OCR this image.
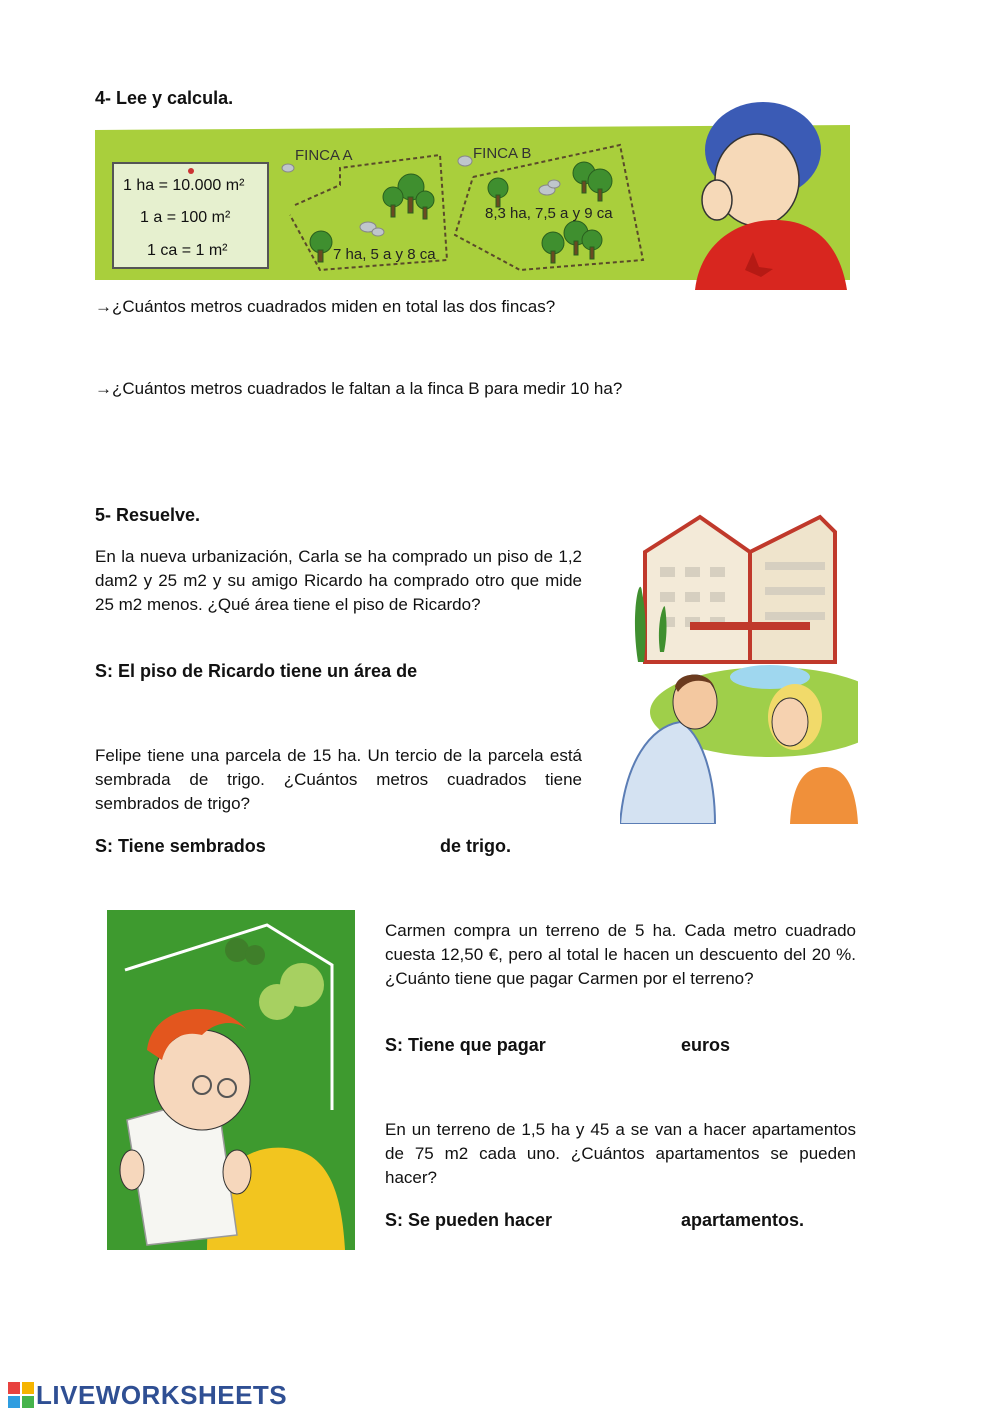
4- Lee y calcula.
1 ha = 10.000 m²
1 a = 100 m²
1 ca = 1 m²
FINCA A	FINCA B
7 ha, 5 a y 8 ca
8,3 ha, 7,5 a y 9 ca
→¿Cuántos metros cuadrados miden en total las dos fincas?
→¿Cuántos metros cuadrados le faltan a la finca B para medir 10 ha?
5- Resuelve.
En la nueva urbanización, Carla se ha comprado un piso de 1,2 dam2 y 25 m2 y su amigo Ricardo ha comprado otro que mide 25 m2 menos. ¿Qué área tiene el piso de Ricardo?
S: El piso de Ricardo tiene un área de
Felipe tiene una parcela de 15 ha. Un tercio de la parcela está sembrada de trigo. ¿Cuántos metros cuadrados tiene sembrados de trigo?
S: Tiene sembrados	de trigo.
Carmen compra un terreno de 5 ha. Cada metro cuadrado cuesta 12,50 €, pero al total le hacen un descuento del 20 %. ¿Cuánto tiene que pagar Carmen por el terreno?
S: Tiene que pagar	euros
En un terreno de 1,5 ha y 45 a se van a hacer apartamentos de 75 m2 cada uno. ¿Cuántos apartamentos se pueden hacer?
S: Se pueden hacer	apartamentos.
LIVEWORKSHEETS
